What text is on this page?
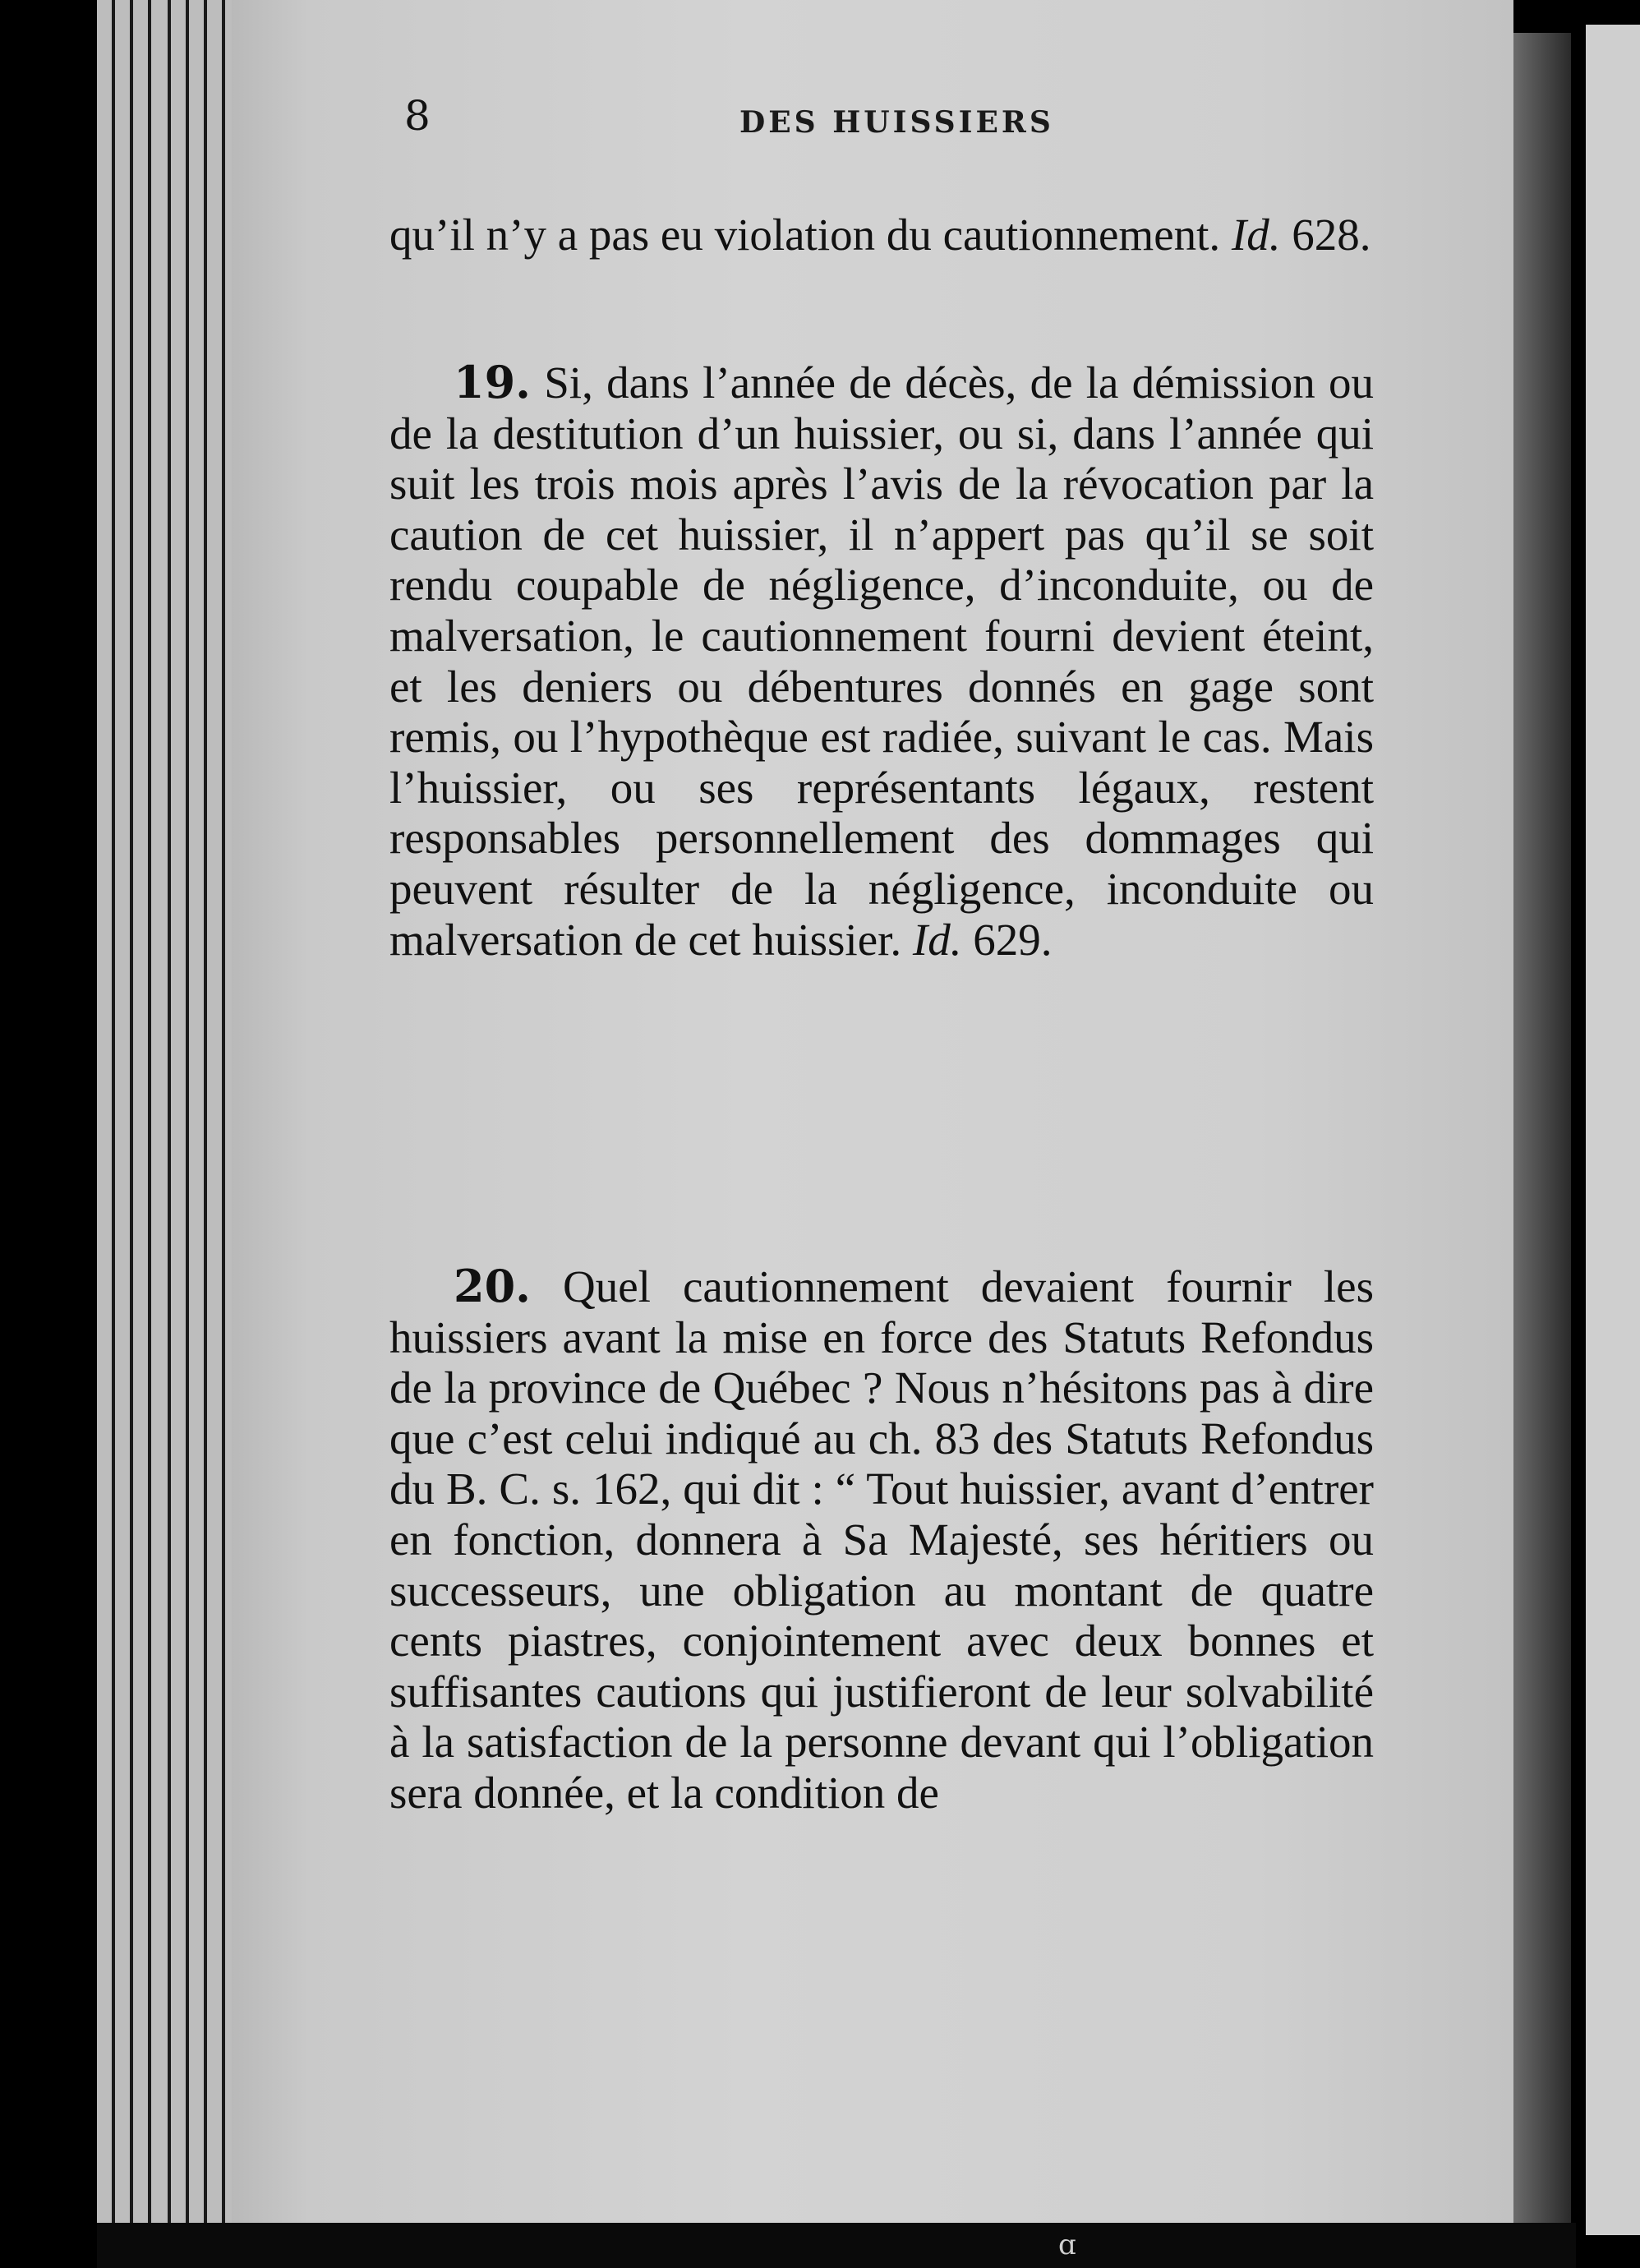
ɑ
8	DES HUISSIERS
qu’il n’y a pas eu violation du cautionnement. Id. 628.
19. Si, dans l’année de décès, de la démission ou de la destitution d’un huissier, ou si, dans l’année qui suit les trois mois après l’avis de la révocation par la caution de cet huissier, il n’appert pas qu’il se soit rendu coupable de négligence, d’inconduite, ou de malversation, le cautionnement fourni devient éteint, et les deniers ou débentures donnés en gage sont remis, ou l’hypothèque est radiée, suivant le cas. Mais l’huissier, ou ses représentants légaux, restent responsables personnellement des dommages qui peuvent résulter de la négligence, inconduite ou malversation de cet huissier. Id. 629.
20. Quel cautionnement devaient fournir les huissiers avant la mise en force des Statuts Refondus de la province de Québec ? Nous n’hésitons pas à dire que c’est celui indiqué au ch. 83 des Statuts Refondus du B. C. s. 162, qui dit : “ Tout huissier, avant d’entrer en fonction, donnera à Sa Majesté, ses héritiers ou successeurs, une obligation au montant de quatre cents piastres, conjointement avec deux bonnes et suffisantes cautions qui justifieront de leur solvabilité à la satisfaction de la personne devant qui l’obligation sera donnée, et la condition de
